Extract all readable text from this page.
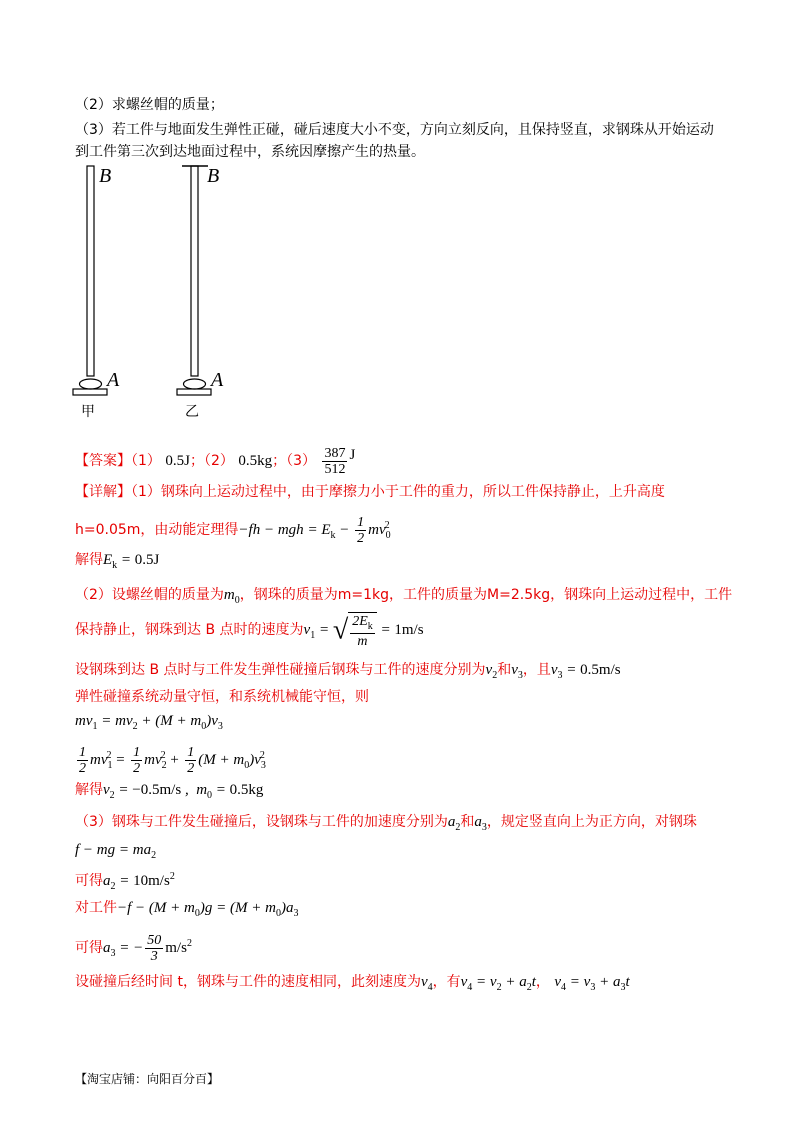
（2）求螺丝帽的质量；
（3）若工件与地面发生弹性正碰，碰后速度大小不变，方向立刻反向，且保持竖直，求钢珠从开始运动
到工件第三次到达地面过程中，系统因摩擦产生的热量。
B	B
A	A
甲	乙
【答案】（1） 0.5J；（2） 0.5kg；$(3) \frac{387}{512}$ J
【详解】（1）钢珠向上运动过程中，由于摩擦力小于工件的重力，所以工件保持静止，上升高度
h=0.05m，由动能定理得−fh − mgh = $E_k - \frac{1}{2} mv_0^2$
解得$E_k = 0.5J$
（2）设螺丝帽的质量为$m_0$，钢珠的质量为m=1kg，工件的质量为M=2.5kg，钢珠向上运动过程中，工件
保持静止，钢珠到达 B 点时的速度为$v_1$ = √ $\frac{2E_k}{m} = 1m/s$
设钢珠到达 B 点时与工件发生弹性碰撞后钢珠与工件的速度分别为$v_2$和$v_3$，且$v_3 = 0.5m/s$
弹性碰撞系统动量守恒，和系统机械能守恒，则
$mv_1 = mv_2 + (M + m_0)v_3$
$\frac{1}{2} mv_1^2 = \frac{1}{2} mv_2^2 + \frac{1}{2} (M + m_0)v_3^2$
解得$v_2 = -0.5m/s$ ,  $m_0 = 0.5kg$
（3）钢珠与工件发生碰撞后，设钢珠与工件的加速度分别为$a_2$和$a_3$，规定竖直向上为正方向，对钢珠
f − mg = $ma_2$
可得$a_2 = 10m/s^2$
对工件$-f - (M + m_0)g = (M + m_0)a_3$
可得$a_3$ = − $\frac{50}{3} m/s^2$
设碰撞后经时间 t，钢珠与工件的速度相同，此刻速度为$v_4$，有$v_4 = v_2 + a_2t$， $v_4 = v_3 + a_3t$
【淘宝店铺：向阳百分百】
